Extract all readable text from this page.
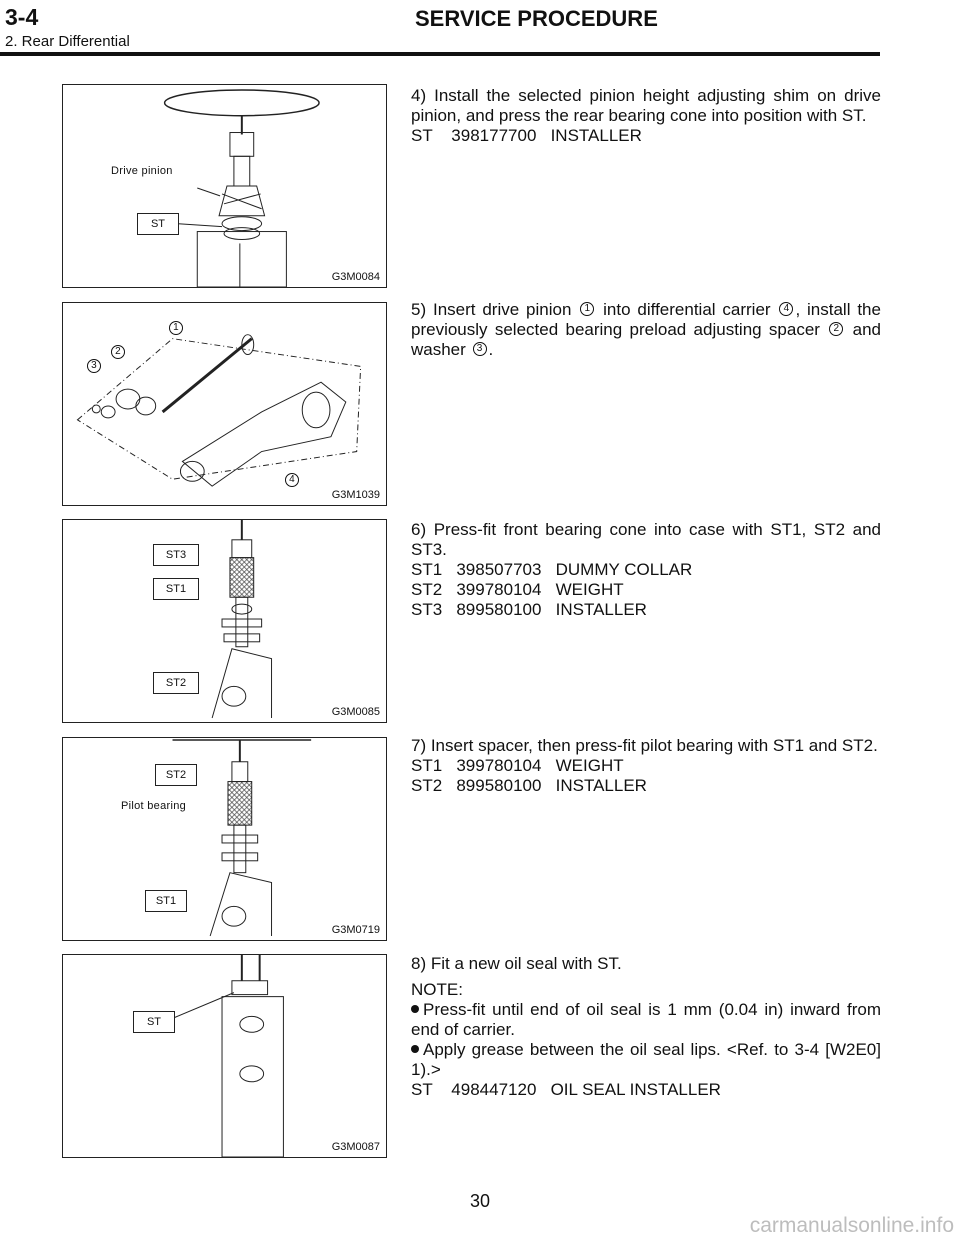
3-4	SERVICE PROCEDURE
2. Rear Differential
Drive pinion
ST
G3M0084

4) Install the selected pinion height adjusting shim on drive pinion, and press the rear bearing cone into position with ST.

ST    398177700   INSTALLER
1
2
3
4
G3M1039

5) Insert drive pinion 1 into differential carrier 4 , install the previously selected bearing preload adjusting spacer 2 and washer 3 .

ST3
ST1
ST2
G3M0085

6) Press-fit front bearing cone into case with ST1, ST2 and ST3.

ST1   398507703   DUMMY COLLAR
ST2   399780104   WEIGHT
ST3   899580100   INSTALLER
ST2
Pilot bearing
ST1
G3M0719

7) Insert spacer, then press-fit pilot bearing with ST1 and ST2.

ST1   399780104   WEIGHT
ST2   899580100   INSTALLER
ST
G3M0087

8) Fit a new oil seal with ST.

NOTE:

Press-fit until end of oil seal is 1 mm (0.04 in) inward from end of carrier.

Apply grease between the oil seal lips. <Ref. to 3-4 [W2E0] 1).>

ST    498447120   OIL SEAL INSTALLER
30
carmanualsonline.info
